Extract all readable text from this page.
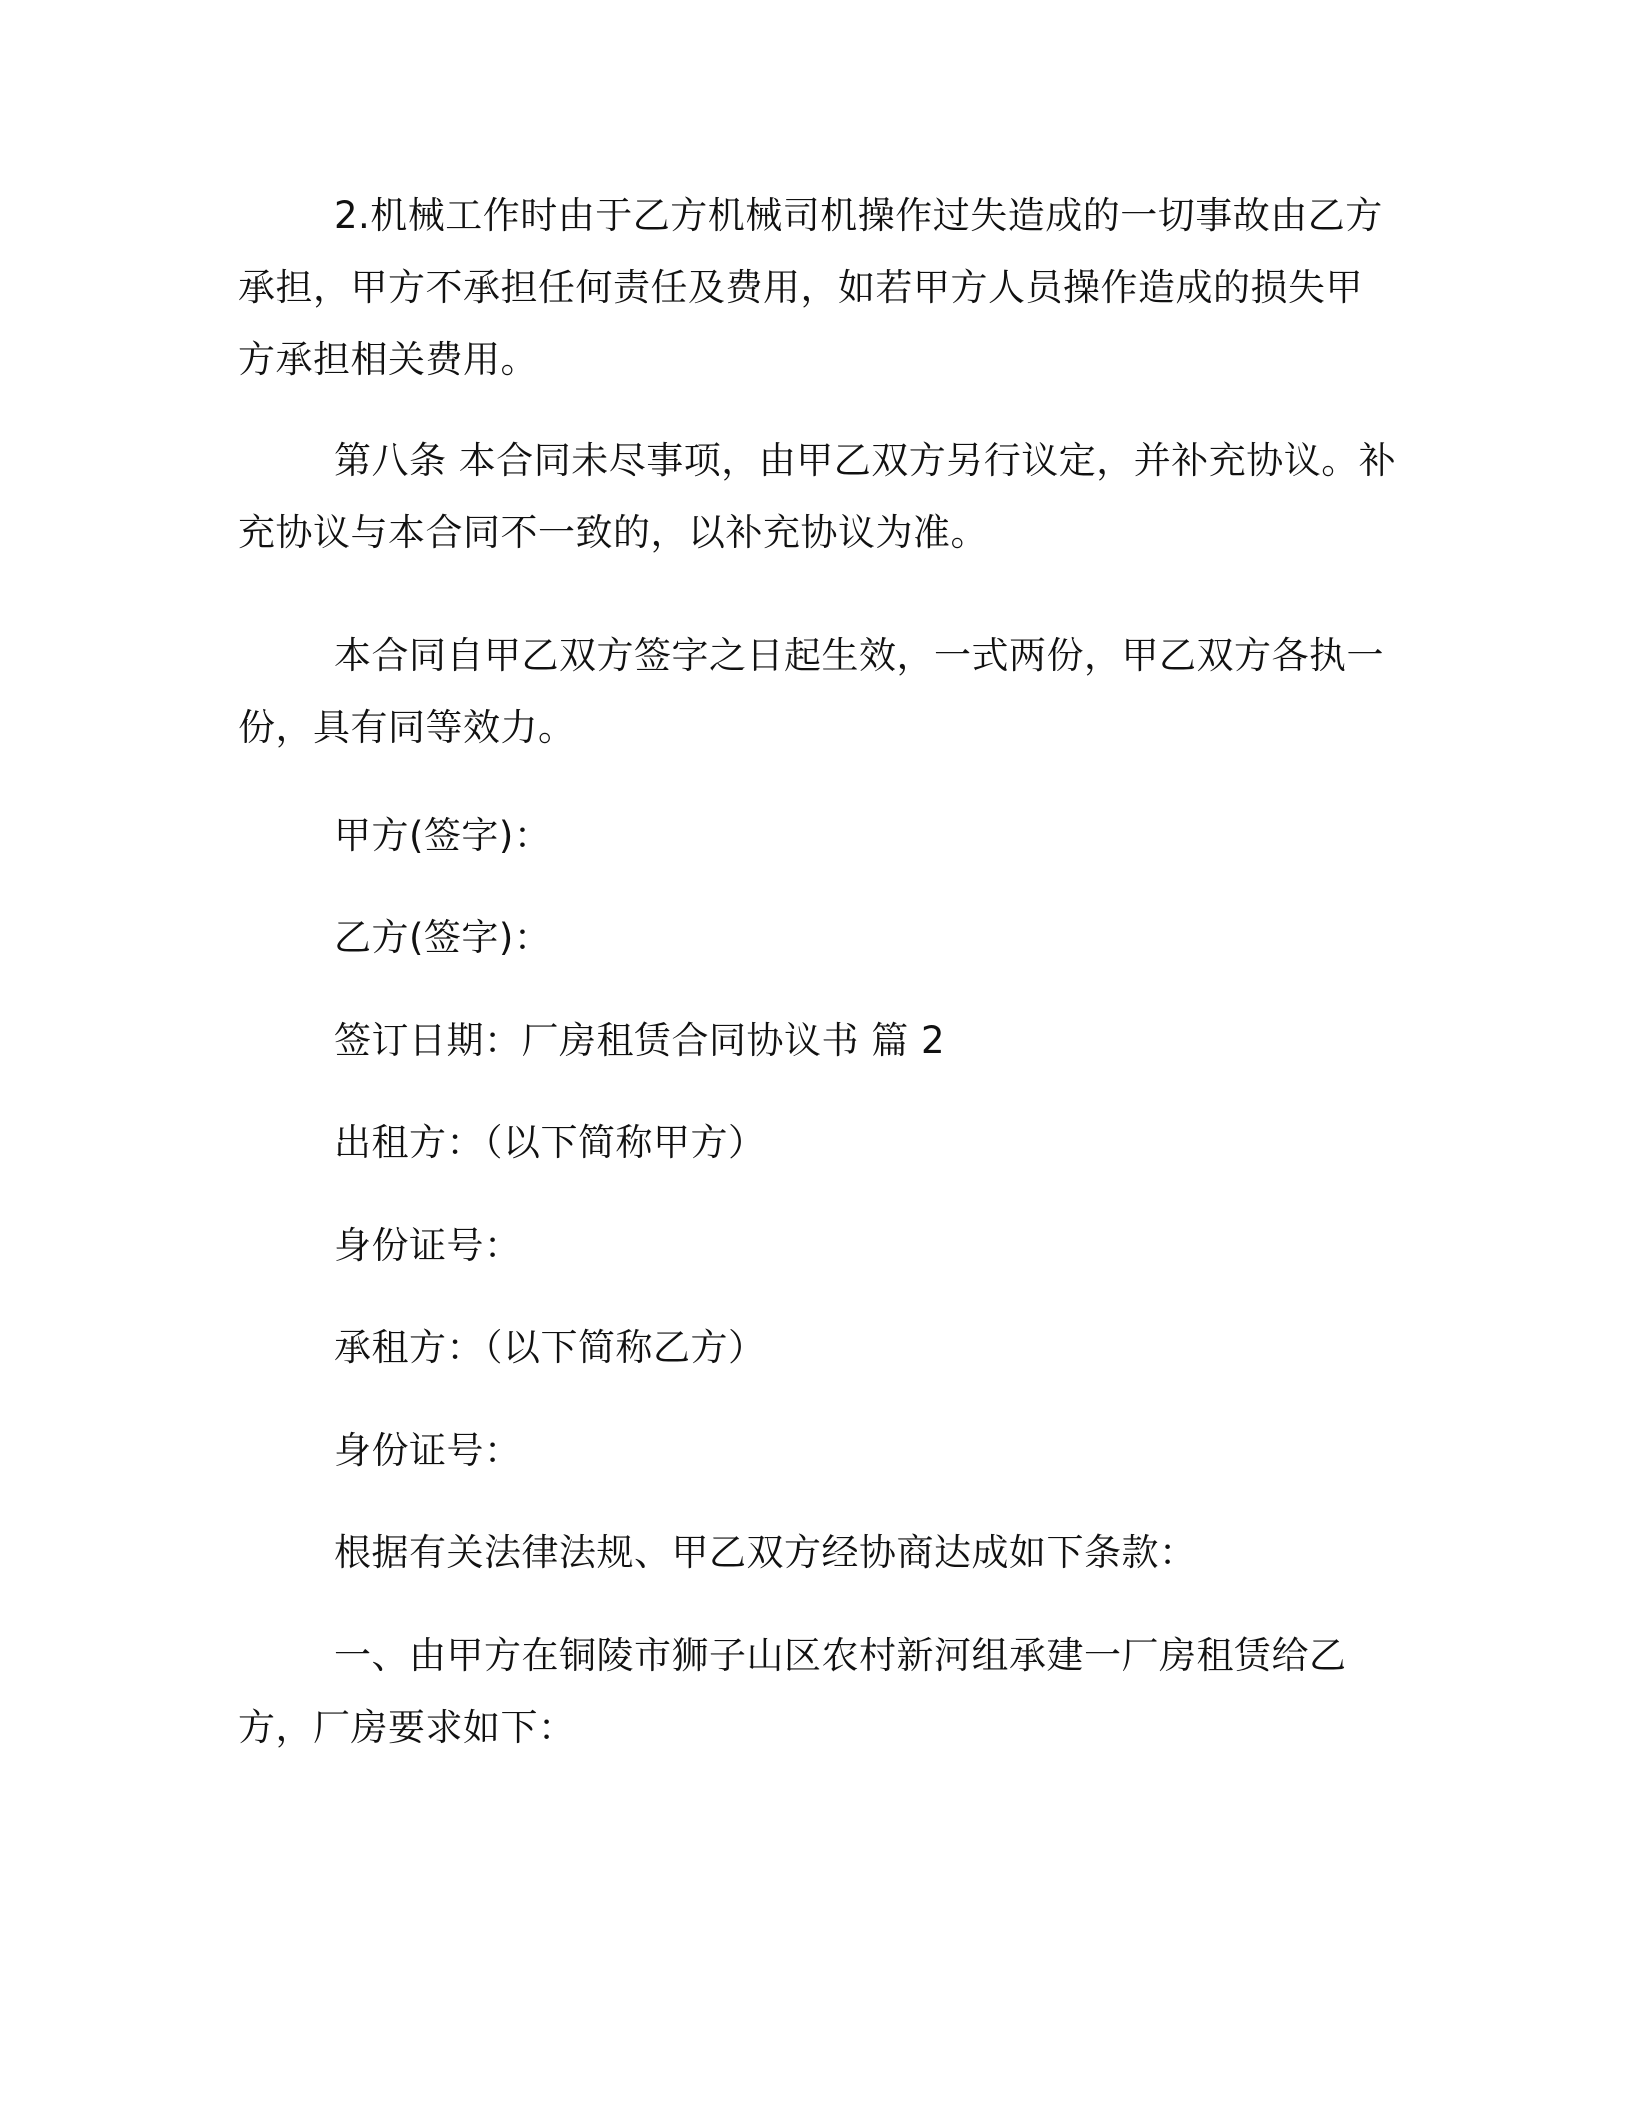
2.机械工作时由于乙方机械司机操作过失造成的一切事故由乙方承担，甲方不承担任何责任及费用，如若甲方人员操作造成的损失甲方承担相关费用。

第八条 本合同未尽事项，由甲乙双方另行议定，并补充协议。补充协议与本合同不一致的，以补充协议为准。

本合同自甲乙双方签字之日起生效，一式两份，甲乙双方各执一份，具有同等效力。

甲方(签字)：

乙方(签字)：

签订日期：厂房租赁合同协议书 篇 2

出租方：（以下简称甲方）

身份证号：

承租方：（以下简称乙方）

身份证号：

根据有关法律法规、甲乙双方经协商达成如下条款：

一、由甲方在铜陵市狮子山区农村新河组承建一厂房租赁给乙方，厂房要求如下：
